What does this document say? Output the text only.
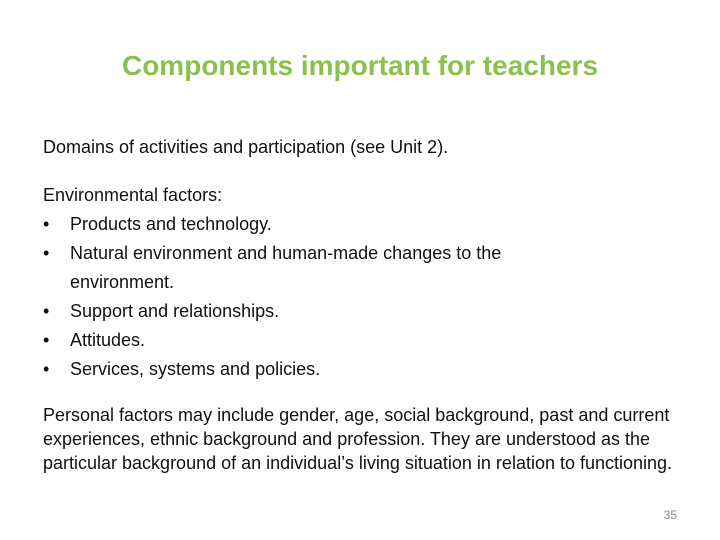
Components important for teachers

Domains of activities and participation (see Unit 2).

Environmental factors:

•	Products and technology.
•	Natural environment and human-made changes to the environment.
•	Support and relationships.
•	Attitudes.
•	Services, systems and policies.

Personal factors may include gender, age, social background, past and current experiences, ethnic background and profession. They are understood as the particular background of an individual’s living situation in relation to functioning.

35
